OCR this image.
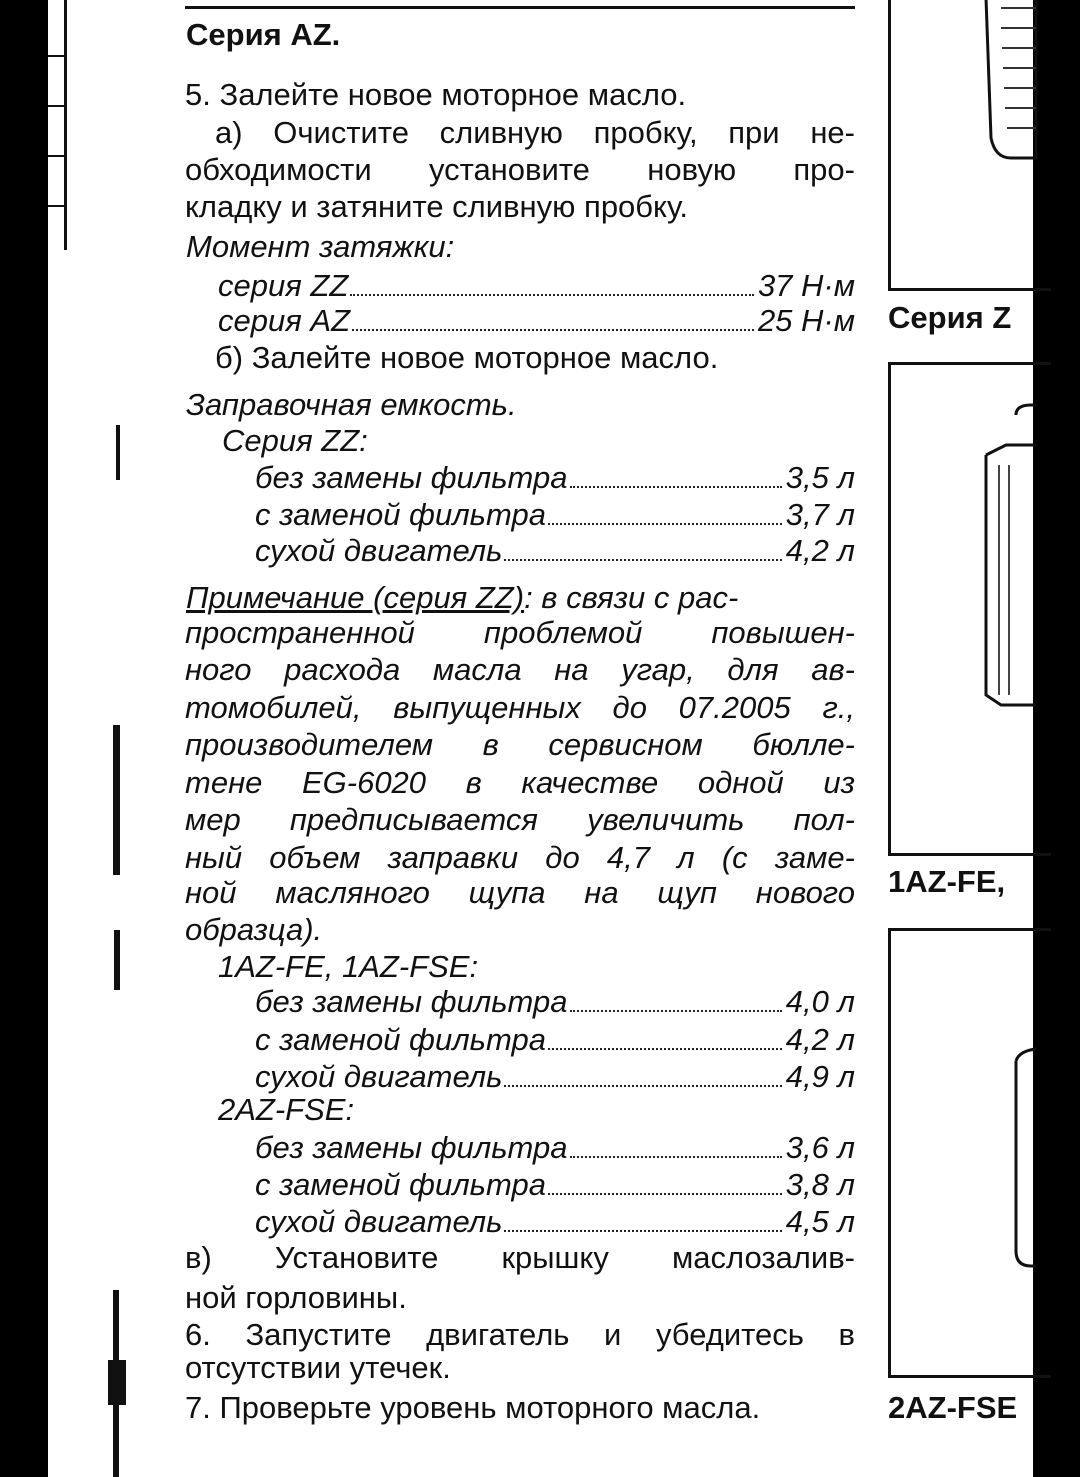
Серия AZ.
5. Залейте новое моторное масло.
а) Очистите сливную пробку, при не-
обходимости установите новую про-
кладку и затяните сливную пробку.
Момент затяжки:
серия ZZ	37 Н·м
серия AZ	25 Н·м
б) Залейте новое моторное масло.
Заправочная емкость.
Серия ZZ:
без замены фильтра	3,5 л
с заменой фильтра	3,7 л
сухой двигатель	4,2 л
Примечание (серия ZZ): в связи с рас-
пространенной проблемой повышен-
ного расхода масла на угар, для ав-
томобилей, выпущенных до 07.2005 г.,
производителем в сервисном бюлле-
тене EG-6020 в качестве одной из
мер предписывается увеличить пол-
ный объем заправки до 4,7 л (с заме-
ной масляного щупа на щуп нового
образца).
1AZ-FE, 1AZ-FSE:
без замены фильтра	4,0 л
с заменой фильтра	4,2 л
сухой двигатель	4,9 л
2AZ-FSE:
без замены фильтра	3,6 л
с заменой фильтра	3,8 л
сухой двигатель	4,5 л
в) Установите крышку маслозалив-
ной горловины.
6. Запустите двигатель и убедитесь в
отсутствии утечек.
7. Проверьте уровень моторного масла.
Серия Z
1AZ-FE,
2AZ-FSE
